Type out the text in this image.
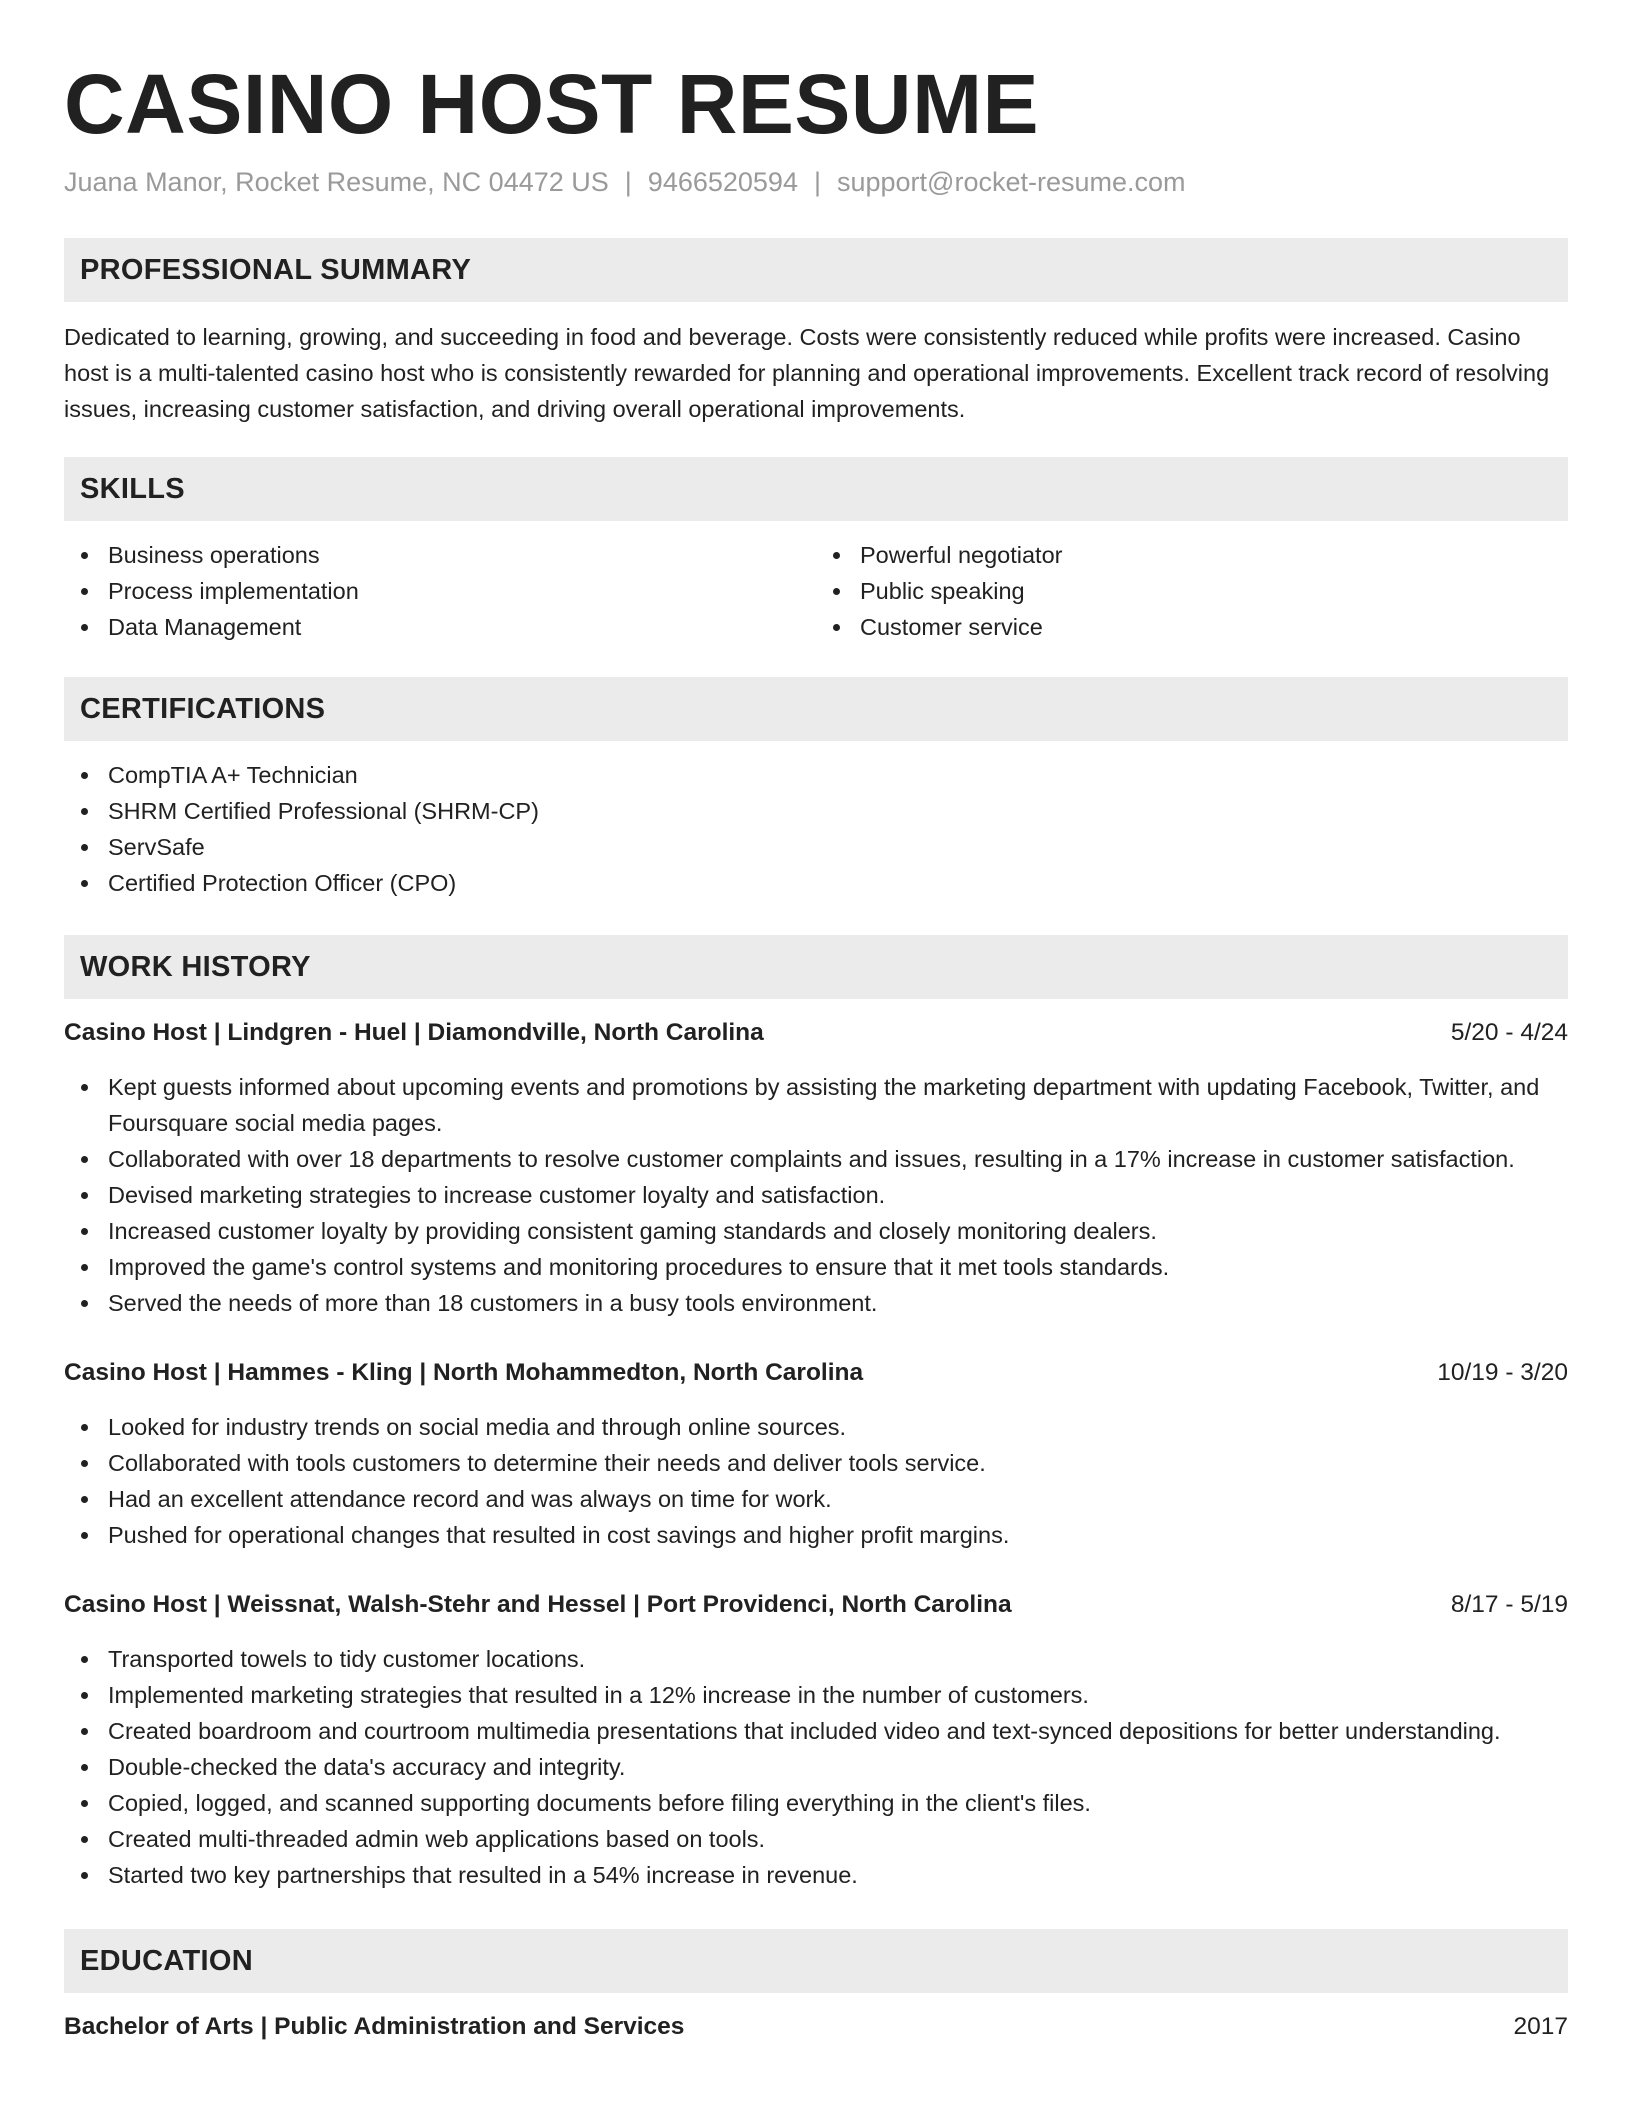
CASINO HOST RESUME
Juana Manor, Rocket Resume, NC 04472 US | 9466520594 | support@rocket-resume.com
PROFESSIONAL SUMMARY

Dedicated to learning, growing, and succeeding in food and beverage. Costs were consistently reduced while profits were increased. Casino host is a multi-talented casino host who is consistently rewarded for planning and operational improvements. Excellent track record of resolving issues, increasing customer satisfaction, and driving overall operational improvements.

SKILLS
Business operations
Process implementation
Data Management
Powerful negotiator
Public speaking
Customer service
CERTIFICATIONS
CompTIA A+ Technician
SHRM Certified Professional (SHRM-CP)
ServSafe
Certified Protection Officer (CPO)
WORK HISTORY
Casino Host | Lindgren - Huel | Diamondville, North Carolina	5/20 - 4/24
Kept guests informed about upcoming events and promotions by assisting the marketing department with updating Facebook, Twitter, and Foursquare social media pages.
Collaborated with over 18 departments to resolve customer complaints and issues, resulting in a 17% increase in customer satisfaction.
Devised marketing strategies to increase customer loyalty and satisfaction.
Increased customer loyalty by providing consistent gaming standards and closely monitoring dealers.
Improved the game's control systems and monitoring procedures to ensure that it met tools standards.
Served the needs of more than 18 customers in a busy tools environment.
Casino Host | Hammes - Kling | North Mohammedton, North Carolina	10/19 - 3/20
Looked for industry trends on social media and through online sources.
Collaborated with tools customers to determine their needs and deliver tools service.
Had an excellent attendance record and was always on time for work.
Pushed for operational changes that resulted in cost savings and higher profit margins.
Casino Host | Weissnat, Walsh-Stehr and Hessel | Port Providenci, North Carolina	8/17 - 5/19
Transported towels to tidy customer locations.
Implemented marketing strategies that resulted in a 12% increase in the number of customers.
Created boardroom and courtroom multimedia presentations that included video and text-synced depositions for better understanding.
Double-checked the data's accuracy and integrity.
Copied, logged, and scanned supporting documents before filing everything in the client's files.
Created multi-threaded admin web applications based on tools.
Started two key partnerships that resulted in a 54% increase in revenue.
EDUCATION
Bachelor of Arts | Public Administration and Services	2017
